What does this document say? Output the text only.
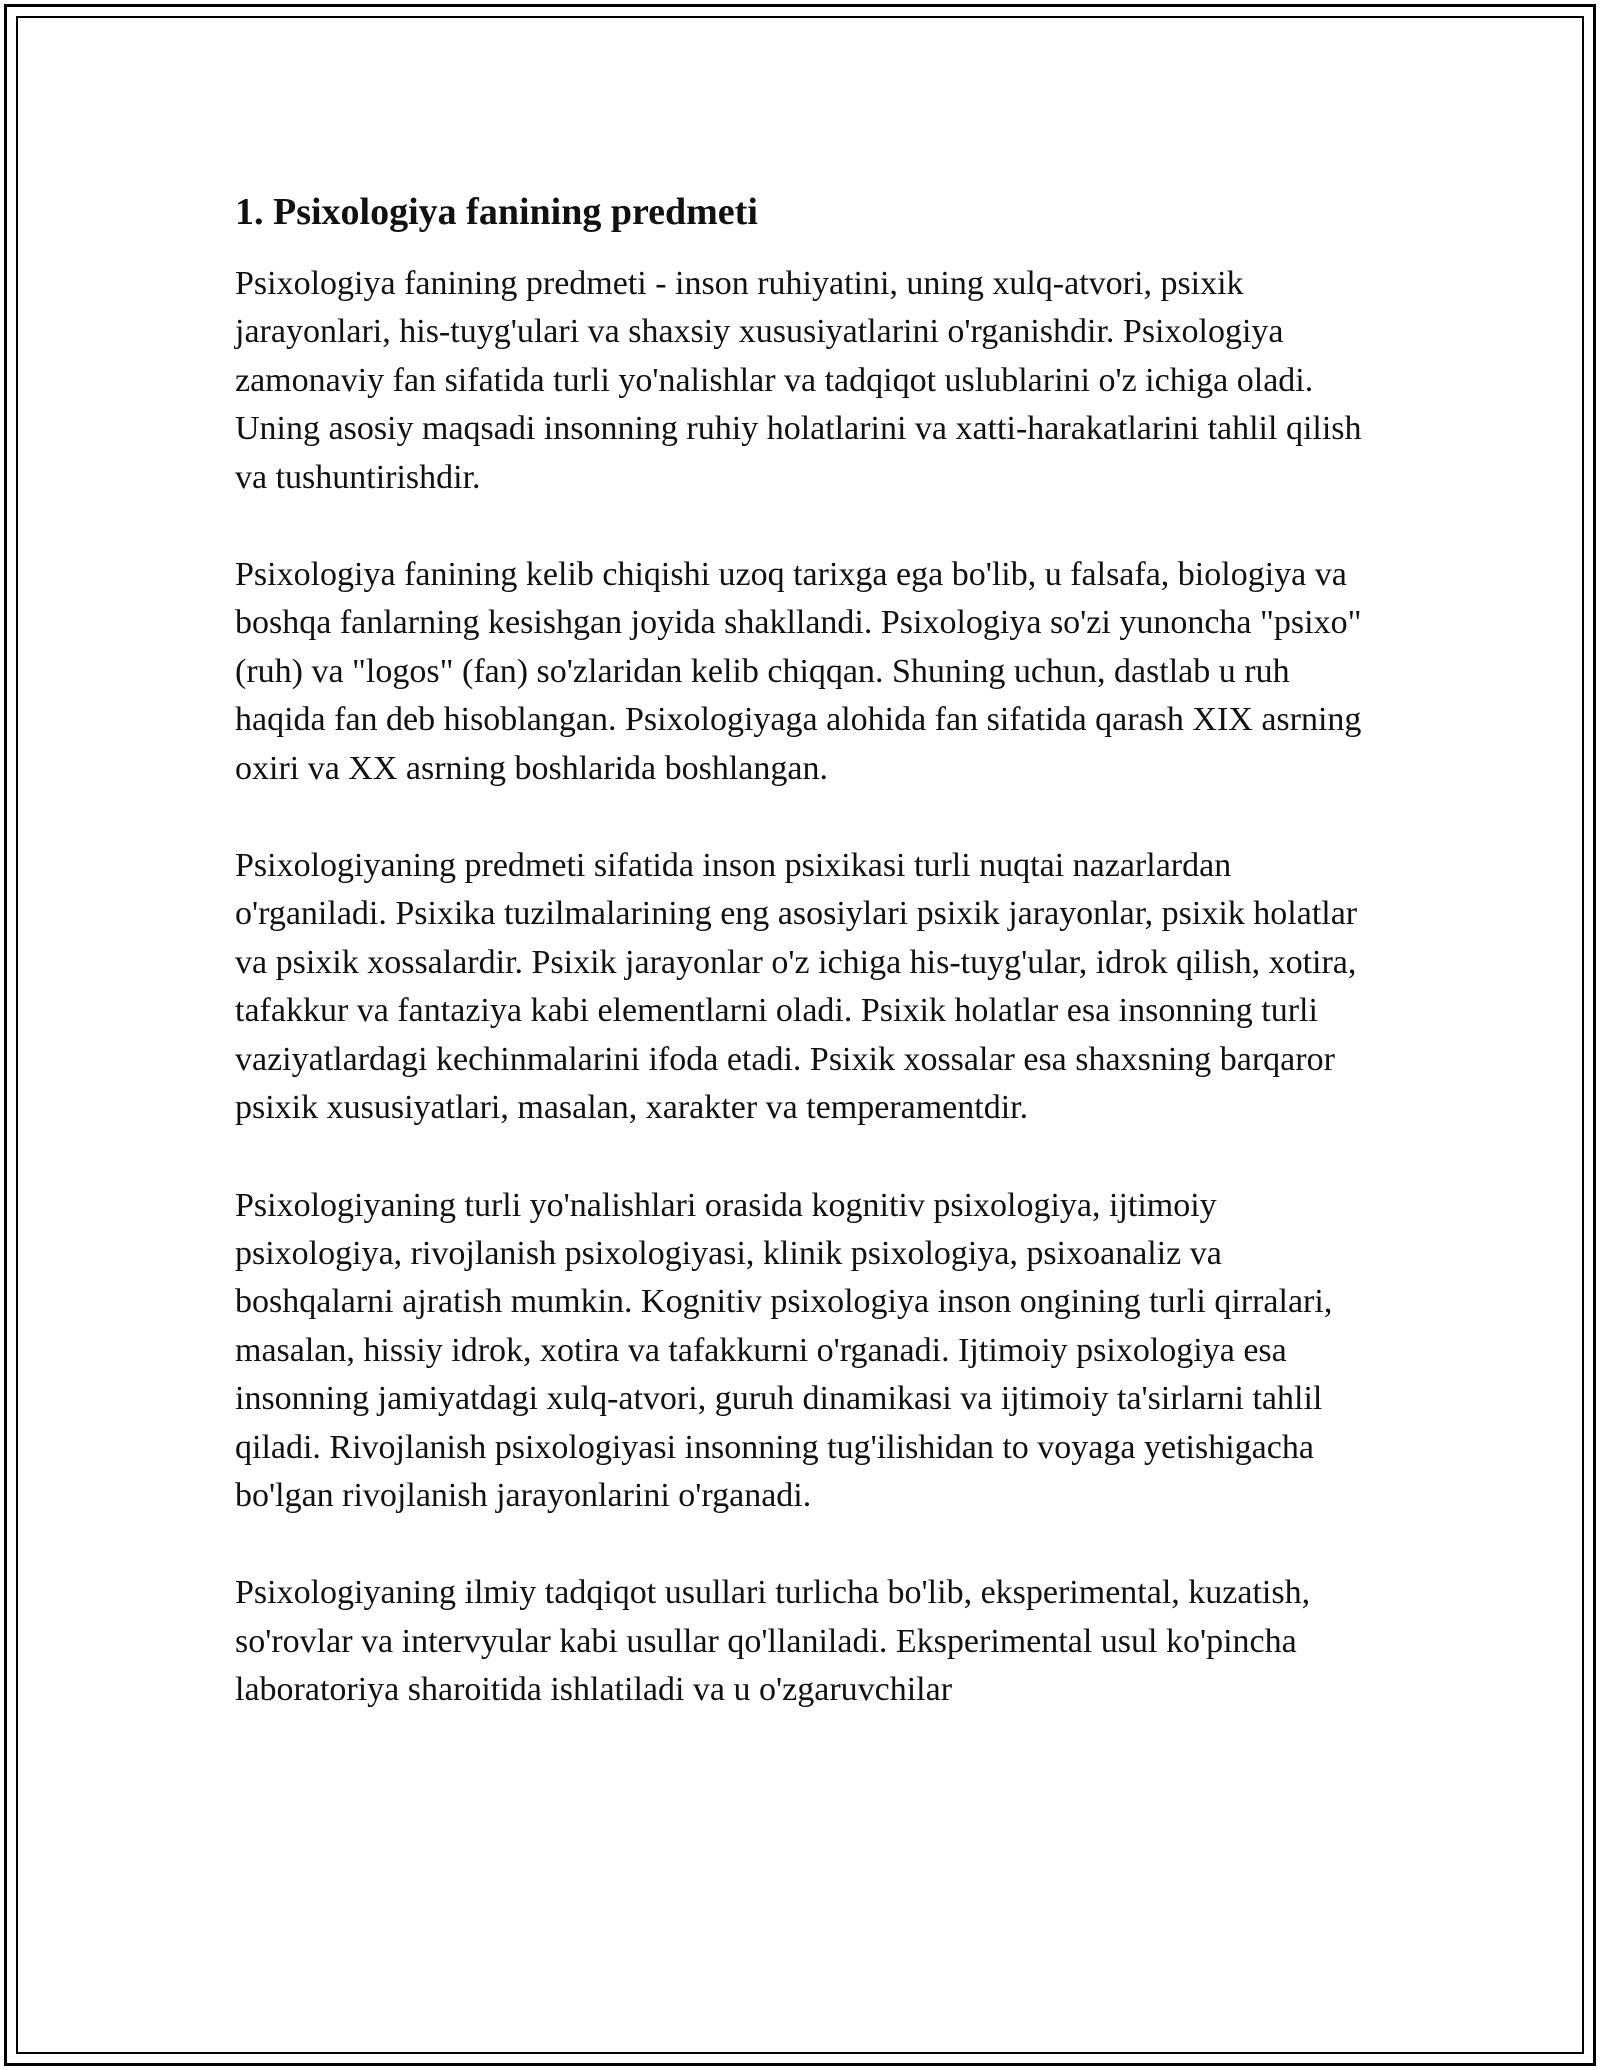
1. Psixologiya fanining predmeti

Psixologiya fanining predmeti - inson ruhiyatini, uning xulq-atvori, psixik jarayonlari, his-tuyg'ulari va shaxsiy xususiyatlarini o'rganishdir. Psixologiya zamonaviy fan sifatida turli yo'nalishlar va tadqiqot uslublarini o'z ichiga oladi. Uning asosiy maqsadi insonning ruhiy holatlarini va xatti-harakatlarini tahlil qilish va tushuntirishdir.

Psixologiya fanining kelib chiqishi uzoq tarixga ega bo'lib, u falsafa, biologiya va boshqa fanlarning kesishgan joyida shakllandi. Psixologiya so'zi yunoncha "psixo" (ruh) va "logos" (fan) so'zlaridan kelib chiqqan. Shuning uchun, dastlab u ruh haqida fan deb hisoblangan. Psixologiyaga alohida fan sifatida qarash XIX asrning oxiri va XX asrning boshlarida boshlangan.

Psixologiyaning predmeti sifatida inson psixikasi turli nuqtai nazarlardan o'rganiladi. Psixika tuzilmalarining eng asosiylari psixik jarayonlar, psixik holatlar va psixik xossalardir. Psixik jarayonlar o'z ichiga his-tuyg'ular, idrok qilish, xotira, tafakkur va fantaziya kabi elementlarni oladi. Psixik holatlar esa insonning turli vaziyatlardagi kechinmalarini ifoda etadi. Psixik xossalar esa shaxsning barqaror psixik xususiyatlari, masalan, xarakter va temperamentdir.

Psixologiyaning turli yo'nalishlari orasida kognitiv psixologiya, ijtimoiy psixologiya, rivojlanish psixologiyasi, klinik psixologiya, psixoanaliz va boshqalarni ajratish mumkin. Kognitiv psixologiya inson ongining turli qirralari, masalan, hissiy idrok, xotira va tafakkurni o'rganadi. Ijtimoiy psixologiya esa insonning jamiyatdagi xulq-atvori, guruh dinamikasi va ijtimoiy ta'sirlarni tahlil qiladi. Rivojlanish psixologiyasi insonning tug'ilishidan to voyaga yetishigacha bo'lgan rivojlanish jarayonlarini o'rganadi.

Psixologiyaning ilmiy tadqiqot usullari turlicha bo'lib, eksperimental, kuzatish, so'rovlar va intervyular kabi usullar qo'llaniladi. Eksperimental usul ko'pincha laboratoriya sharoitida ishlatiladi va u o'zgaruvchilar
